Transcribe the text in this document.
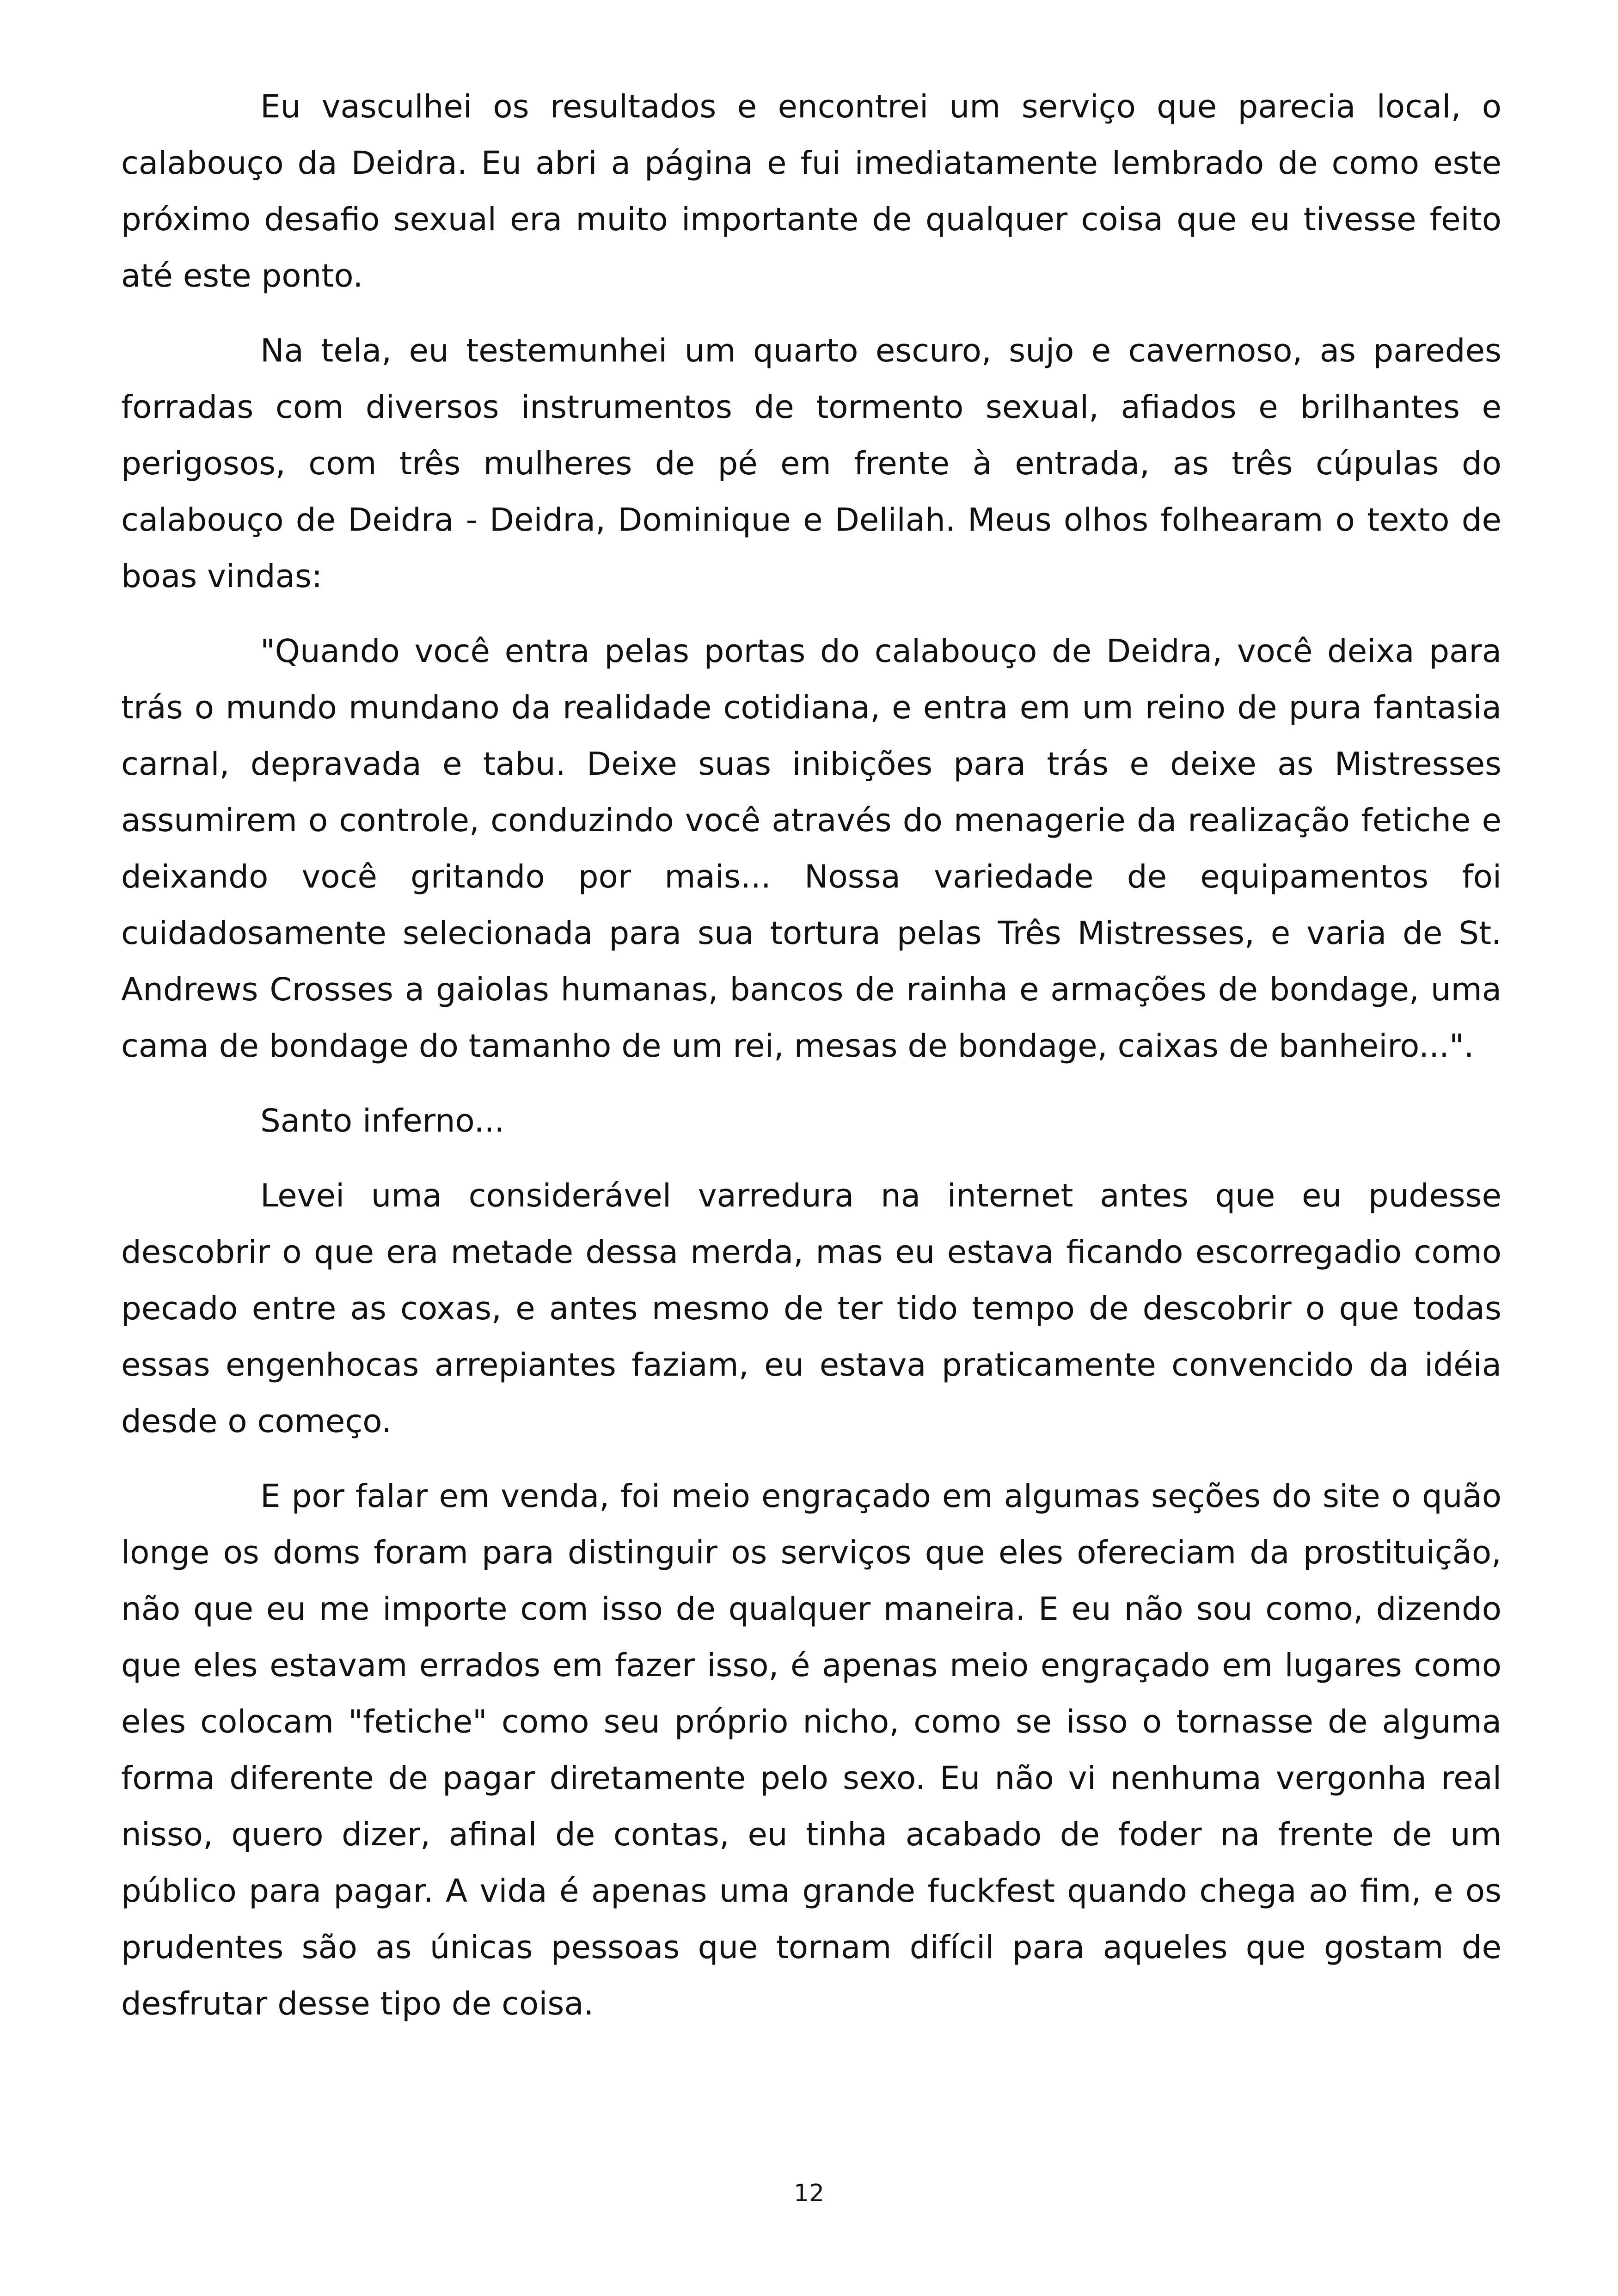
Eu vasculhei os resultados e encontrei um serviço que parecia local, o calabouço da Deidra. Eu abri a página e fui imediatamente lembrado de como este próximo desafio sexual era muito importante de qualquer coisa que eu tivesse feito até este ponto.

Na tela, eu testemunhei um quarto escuro, sujo e cavernoso, as paredes forradas com diversos instrumentos de tormento sexual, afiados e brilhantes e perigosos, com três mulheres de pé em frente à entrada, as três cúpulas do calabouço de Deidra - Deidra, Dominique e Delilah. Meus olhos folhearam o texto de boas vindas:

"Quando você entra pelas portas do calabouço de Deidra, você deixa para trás o mundo mundano da realidade cotidiana, e entra em um reino de pura fantasia carnal, depravada e tabu. Deixe suas inibições para trás e deixe as Mistresses assumirem o controle, conduzindo você através do menagerie da realização fetiche e deixando você gritando por mais... Nossa variedade de equipamentos foi cuidadosamente selecionada para sua tortura pelas Três Mistresses, e varia de St. Andrews Crosses a gaiolas humanas, bancos de rainha e armações de bondage, uma cama de bondage do tamanho de um rei, mesas de bondage, caixas de banheiro...".

Santo inferno...

Levei uma considerável varredura na internet antes que eu pudesse descobrir o que era metade dessa merda, mas eu estava ficando escorregadio como pecado entre as coxas, e antes mesmo de ter tido tempo de descobrir o que todas essas engenhocas arrepiantes faziam, eu estava praticamente convencido da idéia desde o começo.

E por falar em venda, foi meio engraçado em algumas seções do site o quão longe os doms foram para distinguir os serviços que eles ofereciam da prostituição, não que eu me importe com isso de qualquer maneira. E eu não sou como, dizendo que eles estavam errados em fazer isso, é apenas meio engraçado em lugares como eles colocam "fetiche" como seu próprio nicho, como se isso o tornasse de alguma forma diferente de pagar diretamente pelo sexo. Eu não vi nenhuma vergonha real nisso, quero dizer, afinal de contas, eu tinha acabado de foder na frente de um público para pagar. A vida é apenas uma grande fuckfest quando chega ao fim, e os prudentes são as únicas pessoas que tornam difícil para aqueles que gostam de desfrutar desse tipo de coisa.

12
